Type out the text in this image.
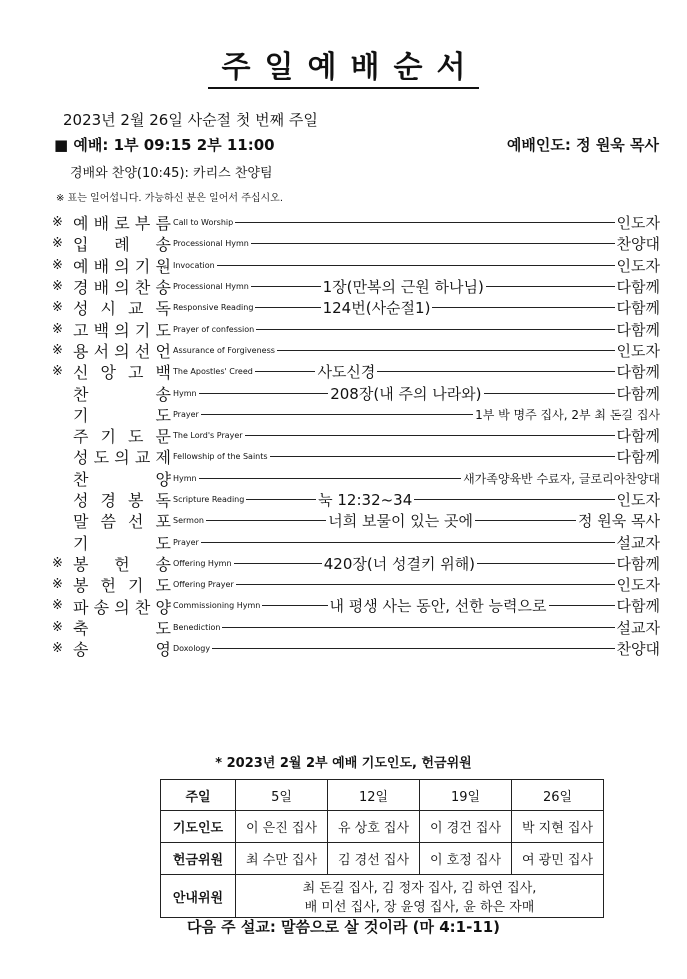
주일예배순서
2023년 2월 26일 사순절 첫 번째 주일
■ 예배: 1부 09:15 2부 11:00	예배인도: 정 원욱 목사
경배와 찬양(10:45): 카리스 찬양팀
※ 표는 일어섭니다. 가능하신 분은 일어서 주십시오.
※ 예 배 로 부 름 Call to Worship	인도자
※ 입 례 송 Processional Hymn	찬양대
※ 예 배 의 기 원 Invocation	인도자
※ 경 배 의 찬 송 Processional Hymn	1장(만복의 근원 하나님)	다함께
※ 성 시 교 독 Responsive Reading	124번(사순절1)	다함께
※ 고 백 의 기 도 Prayer of confession	다함께
※ 용 서 의 선 언 Assurance of Forgiveness	인도자
※ 신 앙 고 백 The Apostles' Creed	사도신경	다함께
찬	송 Hymn	208장(내 주의 나라와)	다함께
기	도 Prayer	1부 박 명주 집사, 2부 최 돈길 집사
주 기 도 문 The Lord's Prayer	다함께
성 도 의 교 제 Fellowship of the Saints	다함께
찬	양 Hymn	새가족양육반 수료자, 글로리아찬양대
성 경 봉 독 Scripture Reading	눅 12:32~34	인도자
말 씀 선 포 Sermon	너희 보물이 있는 곳에	정 원욱 목사
기	도 Prayer	설교자
※ 봉 헌 송 Offering Hymn	420장(너 성결키 위해)	다함께
※ 봉 헌 기 도 Offering Prayer	인도자
※ 파 송 의 찬 양 Commissioning Hymn	내 평생 사는 동안, 선한 능력으로	다함께
※ 축	도 Benediction	설교자
※ 송	영 Doxology	찬양대
* 2023년 2월 2부 예배 기도인도, 헌금위원
주일	5일	12일	19일	26일
기도인도	이 은진 집사	유 상호 집사	이 경건 집사	박 지현 집사
헌금위원	최 수만 집사	김 경선 집사	이 호정 집사	여 광민 집사
안내위원	최 돈길 집사, 김 정자 집사, 김 하연 집사,
배 미선 집사, 장 윤영 집사, 윤 하은 자매			
다음 주 설교: 말씀으로 살 것이라 (마 4:1-11)
